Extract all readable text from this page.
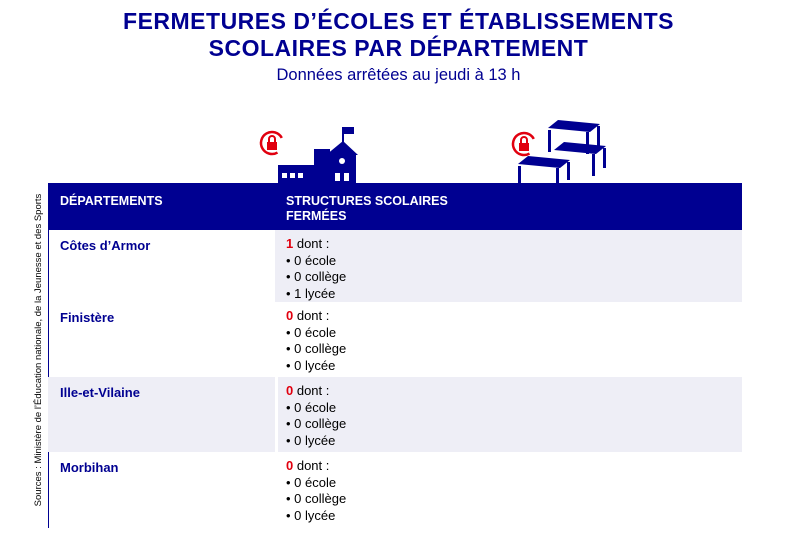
FERMETURES D’ÉCOLES ET ÉTABLISSEMENTS
SCOLAIRES PAR DÉPARTEMENT
Données arrêtées au jeudi à 13 h
Sources : Ministère de l’Éducation nationale, de la Jeunesse et des Sports DÉPARTEMENTS	STRUCTURES SCOLAIRES
FERMÉES
Côtes d’Armor	1 dont :
• 0 école
• 0 collège
• 1 lycée
Finistère	0 dont :
• 0 école
• 0 collège
• 0 lycée
Ille-et-Vilaine	0 dont :
• 0 école
• 0 collège
• 0 lycée
Morbihan	0 dont :
• 0 école
• 0 collège
• 0 lycée
